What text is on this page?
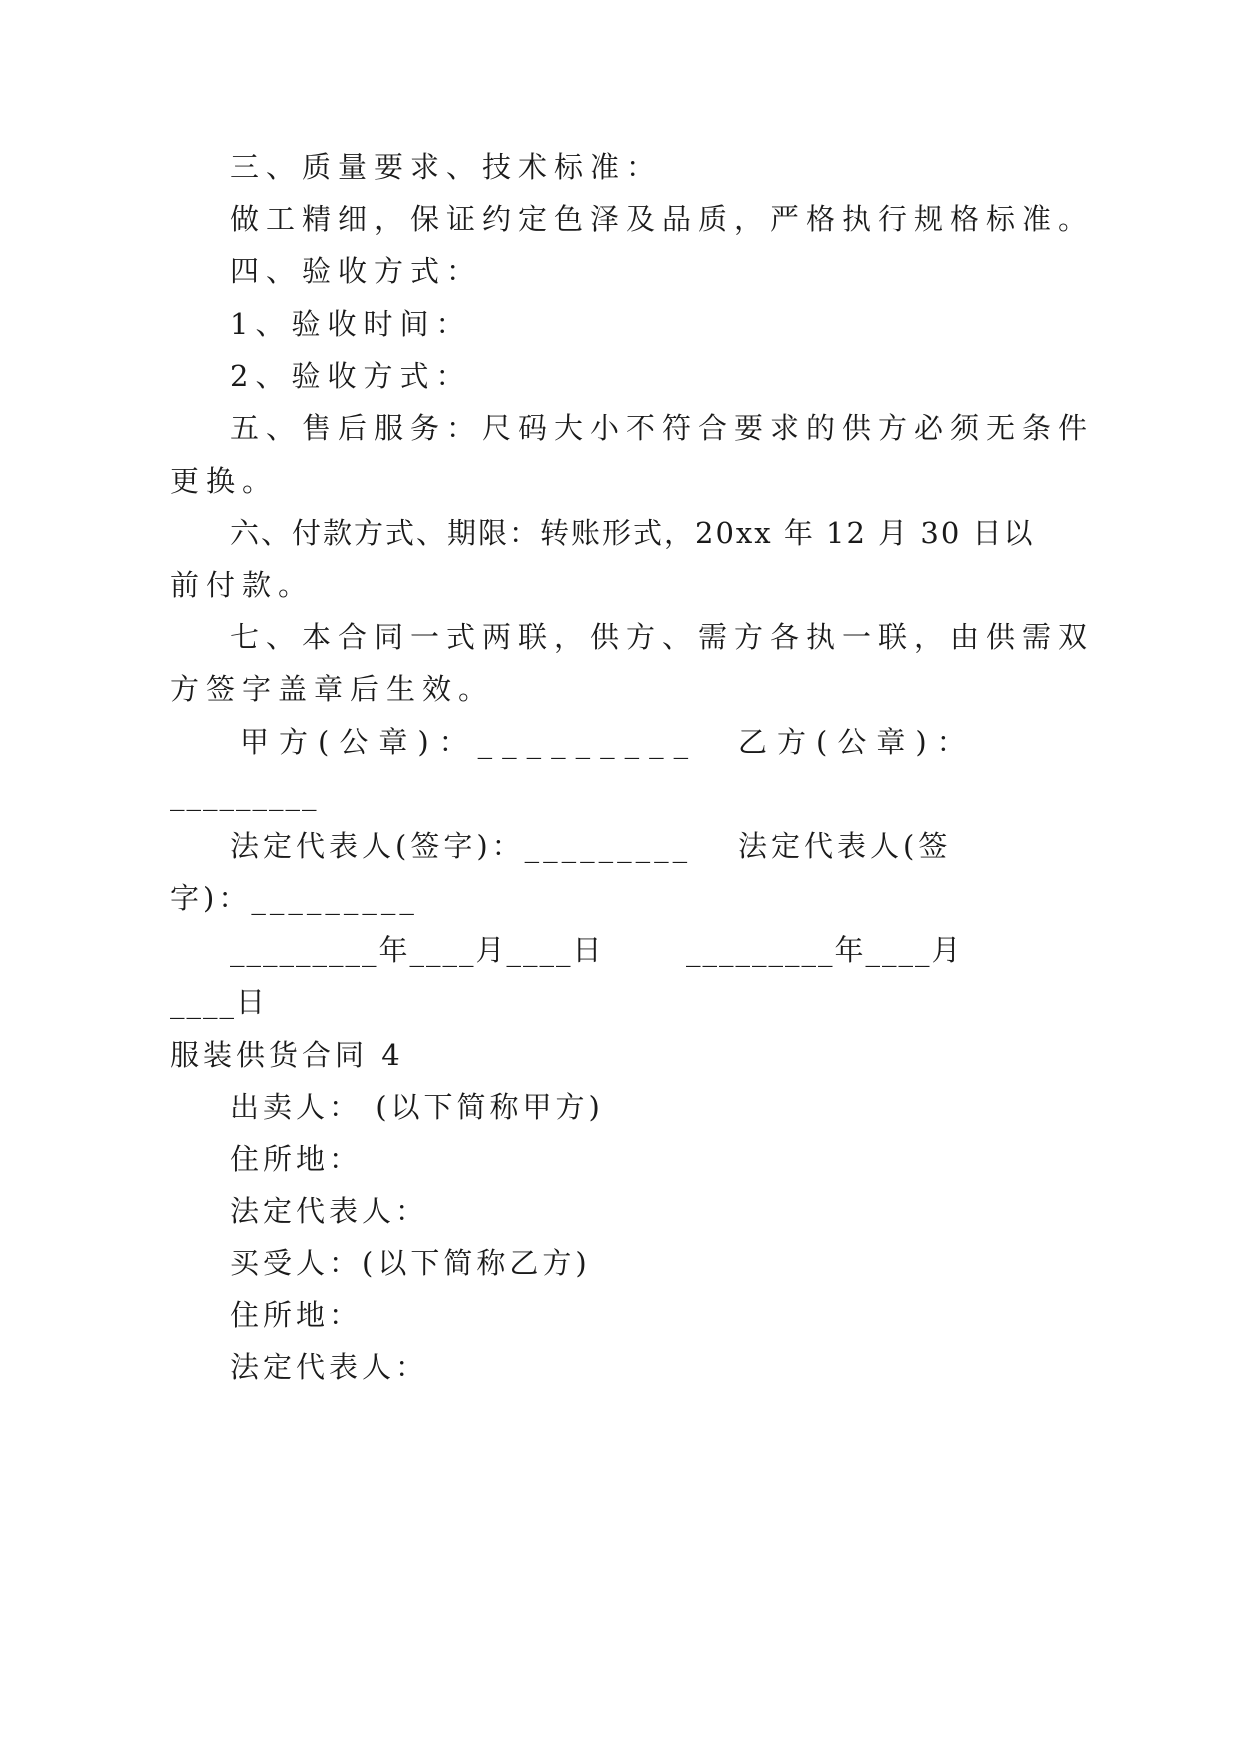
三、质量要求、技术标准：
做工精细，保证约定色泽及品质，严格执行规格标准。
四、验收方式：
1、验收时间：
2、验收方式：
五、售后服务：尺码大小不符合要求的供方必须无条件
更换。
六、付款方式、期限：转账形式，20xx 年 12 月 30 日以
前付款。
七、本合同一式两联，供方、需方各执一联，由供需双
方签字盖章后生效。
甲方(公章)：_________ 乙方(公章)：
_________
法定代表人(签字)：_________ 法定代表人(签
字)：_________
_________年____月____日	_________年____月
____日
服装供货合同 4
出卖人： (以下简称甲方)
住所地：
法定代表人：
买受人：(以下简称乙方)
住所地：
法定代表人：
